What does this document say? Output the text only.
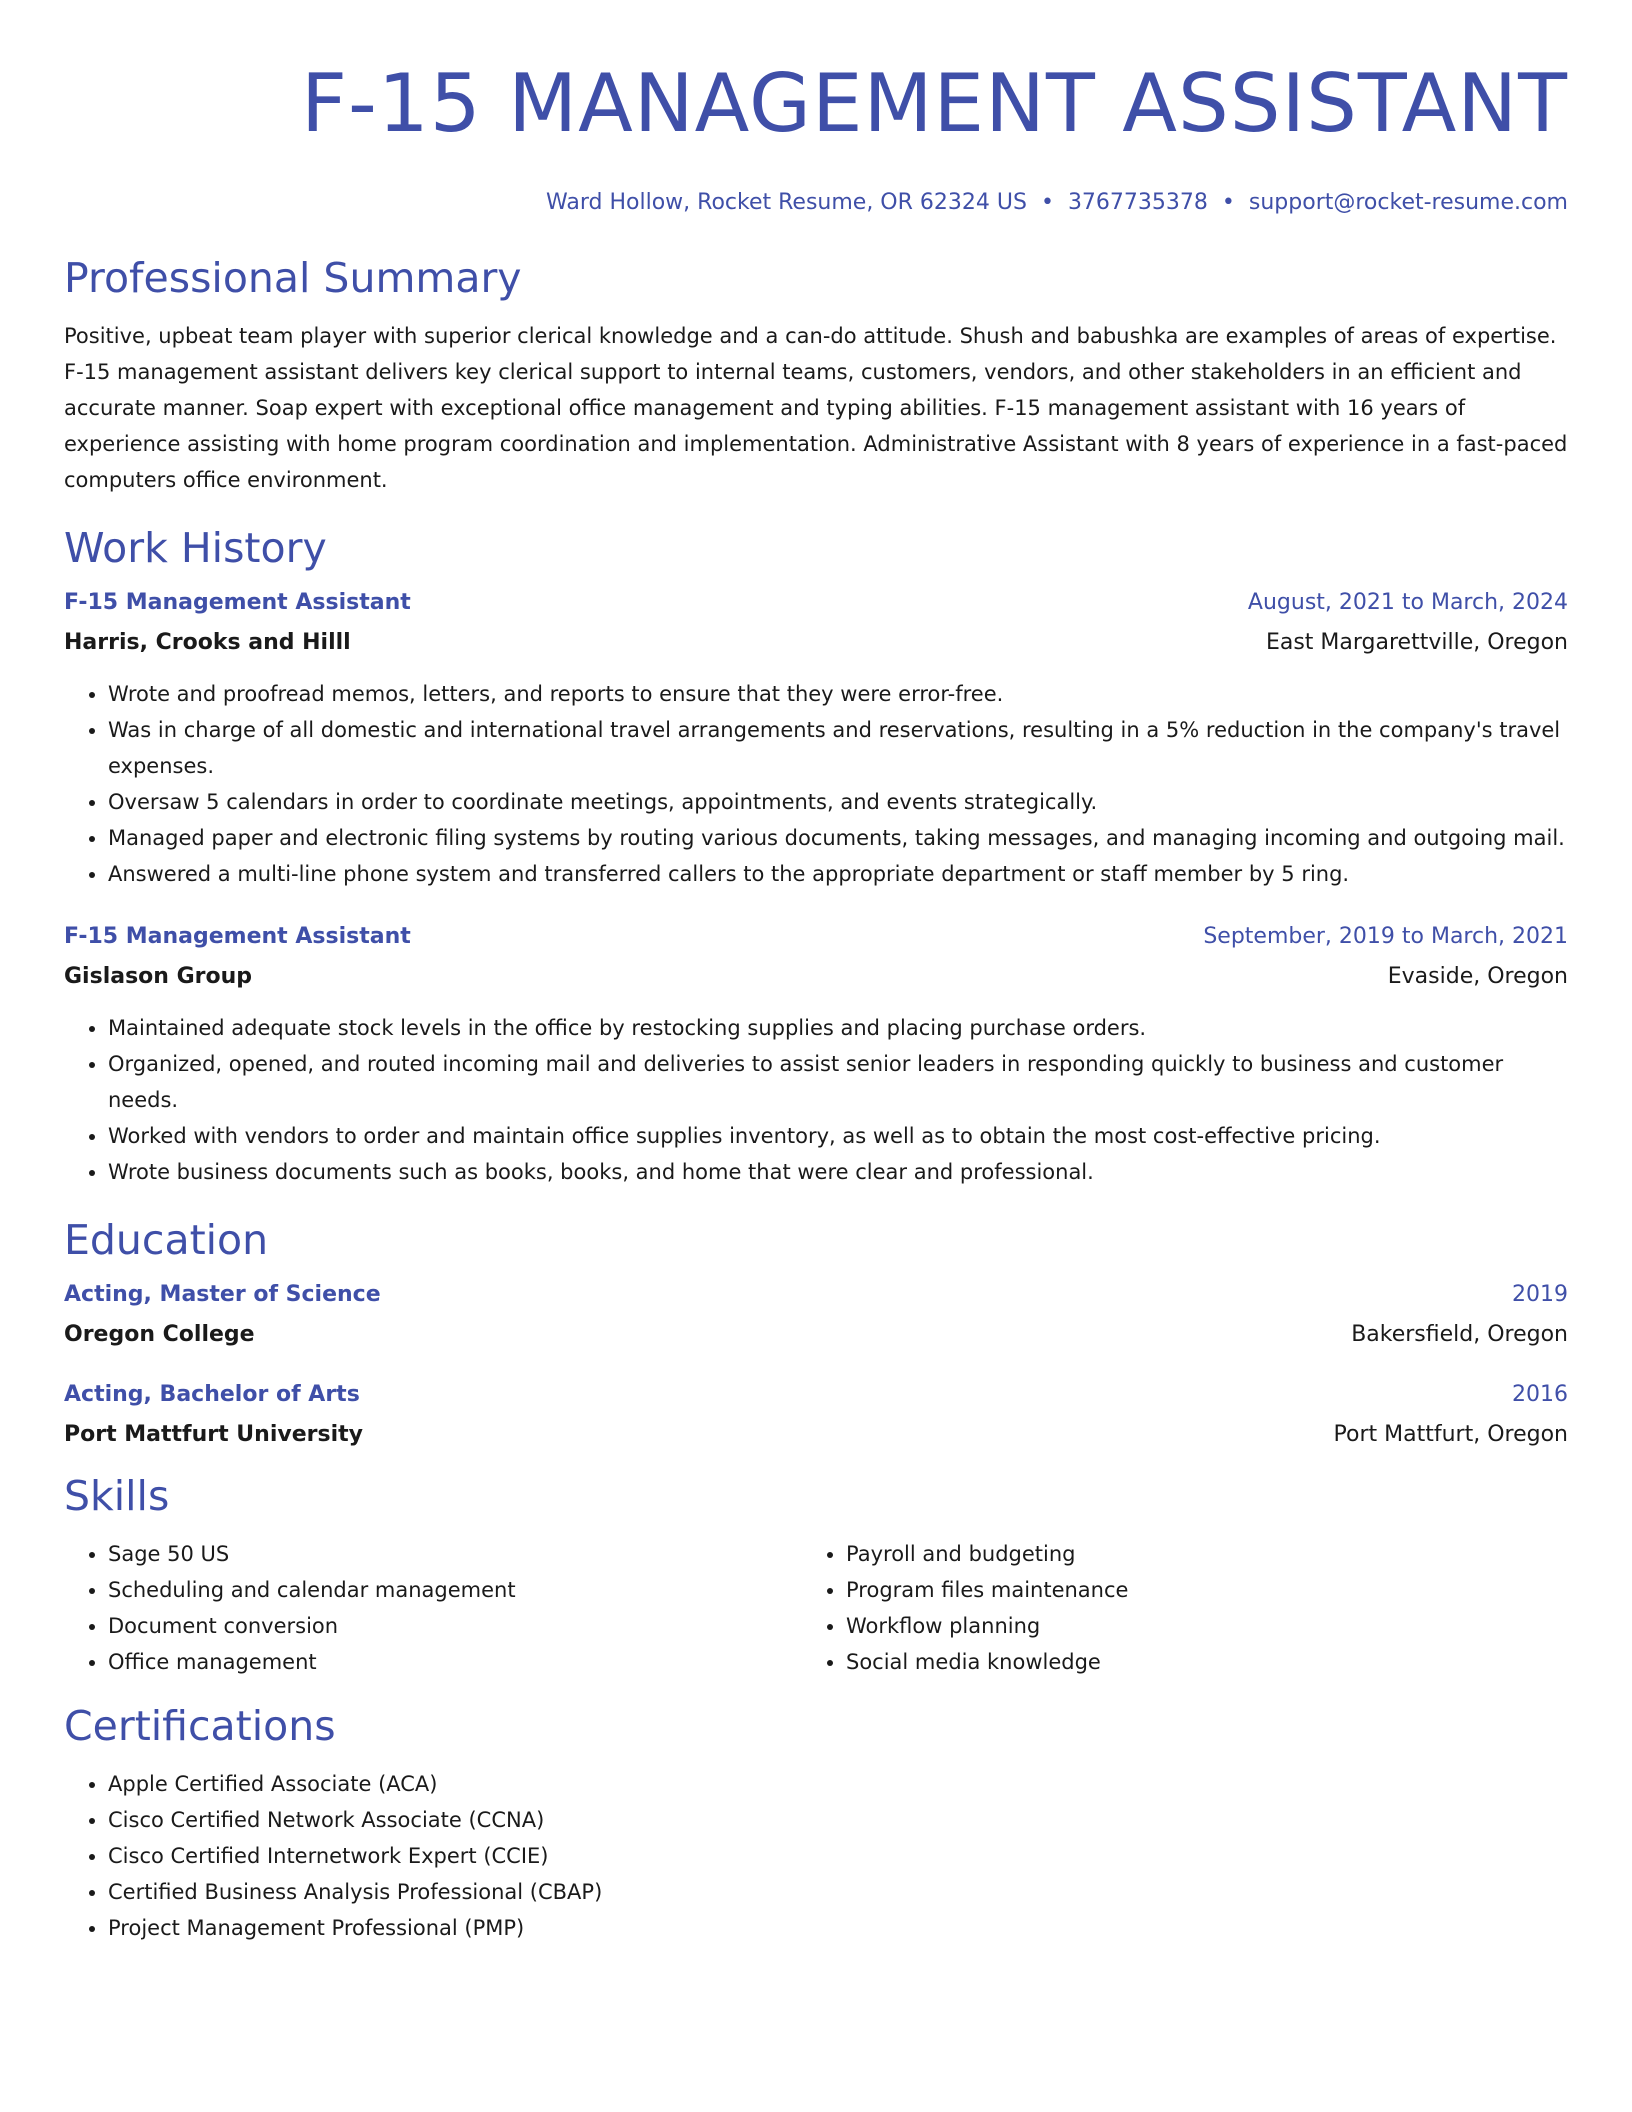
F-15 MANAGEMENT ASSISTANT
Ward Hollow, Rocket Resume, OR 62324 US • 3767735378 • support@rocket-resume.com
Professional Summary
Positive, upbeat team player with superior clerical knowledge and a can-do attitude. Shush and babushka are examples of areas of expertise. F-15 management assistant delivers key clerical support to internal teams, customers, vendors, and other stakeholders in an efficient and accurate manner. Soap expert with exceptional office management and typing abilities. F-15 management assistant with 16 years of experience assisting with home program coordination and implementation. Administrative Assistant with 8 years of experience in a fast-paced computers office environment.
Work History
F-15 Management Assistant	August, 2021 to March, 2024
Harris, Crooks and Hilll	East Margarettville, Oregon
• Wrote and proofread memos, letters, and reports to ensure that they were error-free.
• Was in charge of all domestic and international travel arrangements and reservations, resulting in a 5% reduction in the company's travel expenses.
• Oversaw 5 calendars in order to coordinate meetings, appointments, and events strategically.
• Managed paper and electronic filing systems by routing various documents, taking messages, and managing incoming and outgoing mail.
• Answered a multi-line phone system and transferred callers to the appropriate department or staff member by 5 ring.
F-15 Management Assistant	September, 2019 to March, 2021
Gislason Group	Evaside, Oregon
• Maintained adequate stock levels in the office by restocking supplies and placing purchase orders.
• Organized, opened, and routed incoming mail and deliveries to assist senior leaders in responding quickly to business and customer needs.
• Worked with vendors to order and maintain office supplies inventory, as well as to obtain the most cost-effective pricing.
• Wrote business documents such as books, books, and home that were clear and professional.
Education
Acting, Master of Science	2019
Oregon College	Bakersfield, Oregon
Acting, Bachelor of Arts	2016
Port Mattfurt University	Port Mattfurt, Oregon
Skills
• Sage 50 US
• Scheduling and calendar management
• Document conversion
• Office management
• Payroll and budgeting
• Program files maintenance
• Workflow planning
• Social media knowledge
Certifications
• Apple Certified Associate (ACA)
• Cisco Certified Network Associate (CCNA)
• Cisco Certified Internetwork Expert (CCIE)
• Certified Business Analysis Professional (CBAP)
• Project Management Professional (PMP)
